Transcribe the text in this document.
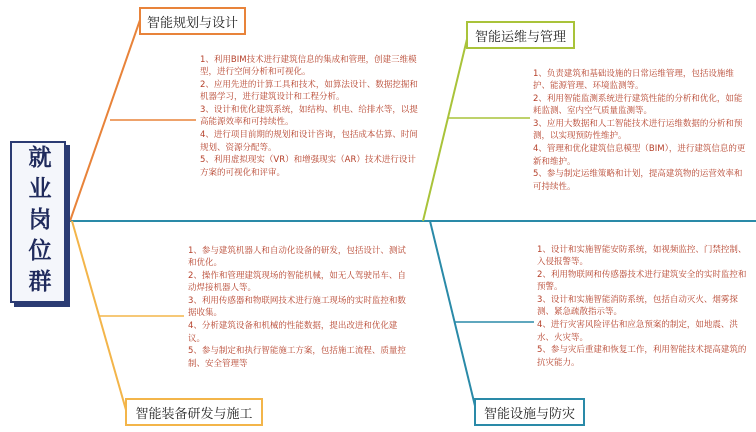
就业岗位群
智能规划与设计
智能运维与管理
智能装备研发与施工	智能设施与防灾
1、利用BIM技术进行建筑信息的集成和管理，创建三维模型，进行空间分析和可视化。
2、应用先进的计算工具和技术，如算法设计、数据挖掘和机器学习，进行建筑设计和工程分析。
3、设计和优化建筑系统，如结构、机电、给排水等，以提高能源效率和可持续性。
4、进行项目前期的规划和设计咨询，包括成本估算、时间规划、资源分配等。
5、利用虚拟现实（VR）和增强现实（AR）技术进行设计方案的可视化和评审。
1、负责建筑和基础设施的日常运维管理，包括设施维护、能源管理、环境监测等。
2、利用智能监测系统进行建筑性能的分析和优化，如能耗监测、室内空气质量监测等。
3、应用大数据和人工智能技术进行运维数据的分析和预测，以实现预防性维护。
4、管理和优化建筑信息模型（BIM），进行建筑信息的更新和维护。
5、参与制定运维策略和计划，提高建筑物的运营效率和可持续性。
1、参与建筑机器人和自动化设备的研发，包括设计、测试和优化。
2、操作和管理建筑现场的智能机械，如无人驾驶吊车、自动焊接机器人等。
3、利用传感器和物联网技术进行施工现场的实时监控和数据收集。
4、分析建筑设备和机械的性能数据，提出改进和优化建议。
5、参与制定和执行智能施工方案，包括施工流程、质量控制、安全管理等
1、设计和实施智能安防系统，如视频监控、门禁控制、入侵报警等。
2、利用物联网和传感器技术进行建筑安全的实时监控和预警。
3、设计和实施智能消防系统，包括自动灭火、烟雾探测、紧急疏散指示等。
4、进行灾害风险评估和应急预案的制定，如地震、洪水、火灾等。
5、参与灾后重建和恢复工作，利用智能技术提高建筑的抗灾能力。
